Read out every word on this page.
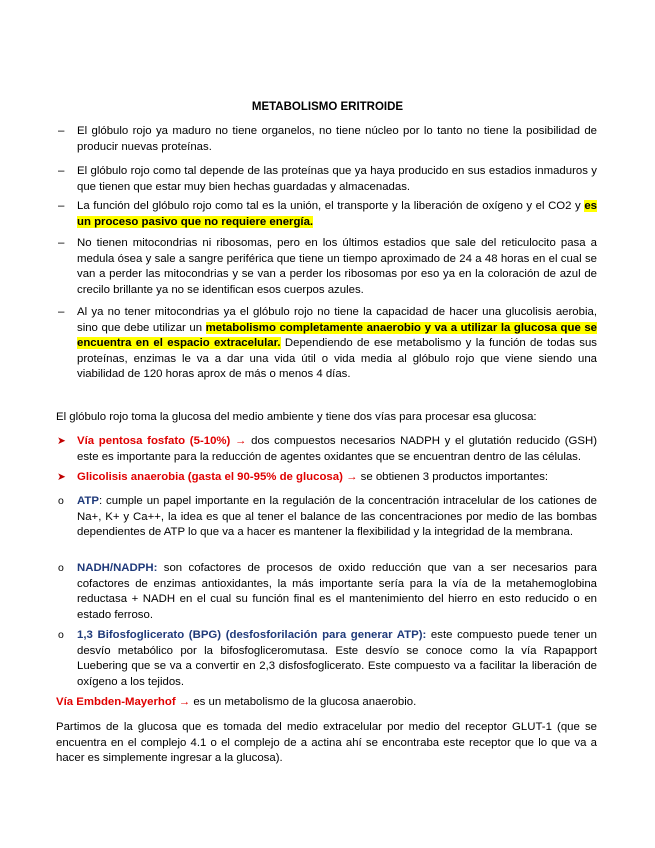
METABOLISMO ERITROIDE
–	El glóbulo rojo ya maduro no tiene organelos, no tiene núcleo por lo tanto no tiene la posibilidad de producir nuevas proteínas.
–	El glóbulo rojo como tal depende de las proteínas que ya haya producido en sus estadios inmaduros y que tienen que estar muy bien hechas guardadas y almacenadas.
–	La función del glóbulo rojo como tal es la unión, el transporte y la liberación de oxígeno y el CO2 y es un proceso pasivo que no requiere energía.
–	No tienen mitocondrias ni ribosomas, pero en los últimos estadios que sale del reticulocito pasa a medula ósea y sale a sangre periférica que tiene un tiempo aproximado de 24 a 48 horas en el cual se van a perder las mitocondrias y se van a perder los ribosomas por eso ya en la coloración de azul de crecilo brillante ya no se identifican esos cuerpos azules.
–	Al ya no tener mitocondrias ya el glóbulo rojo no tiene la capacidad de hacer una glucolisis aerobia, sino que debe utilizar un metabolismo completamente anaerobio y va a utilizar la glucosa que se encuentra en el espacio extracelular. Dependiendo de ese metabolismo y la función de todas sus proteínas, enzimas le va a dar una vida útil o vida media al glóbulo rojo que viene siendo una viabilidad de 120 horas aprox de más o menos 4 días.

El glóbulo rojo toma la glucosa del medio ambiente y tiene dos vías para procesar esa glucosa:

➤ Vía pentosa fosfato (5-10%) → dos compuestos necesarios NADPH y el glutatión reducido (GSH) este es importante para la reducción de agentes oxidantes que se encuentran dentro de las células.
➤ Glicolisis anaerobia (gasta el 90-95% de glucosa) → se obtienen 3 productos importantes:
o	ATP: cumple un papel importante en la regulación de la concentración intracelular de los cationes de Na+, K+ y Ca++, la idea es que al tener el balance de las concentraciones por medio de las bombas dependientes de ATP lo que va a hacer es mantener la flexibilidad y la integridad de la membrana.
o	NADH/NADPH: son cofactores de procesos de oxido reducción que van a ser necesarios para cofactores de enzimas antioxidantes, la más importante sería para la vía de la metahemoglobina reductasa + NADH en el cual su función final es el mantenimiento del hierro en esto reducido o en estado ferroso.
o	1,3 Bifosfoglicerato (BPG) (desfosforilación para generar ATP): este compuesto puede tener un desvío metabólico por la bifosfogliceromutasa. Este desvío se conoce como la vía Rapapport Luebering que se va a convertir en 2,3 disfosfoglicerato. Este compuesto va a facilitar la liberación de oxígeno a los tejidos.

Vía Embden-Mayerhof → es un metabolismo de la glucosa anaerobio.

Partimos de la glucosa que es tomada del medio extracelular por medio del receptor GLUT-1 (que se encuentra en el complejo 4.1 o el complejo de a actina ahí se encontraba este receptor que lo que va a hacer es simplemente ingresar a la glucosa).
